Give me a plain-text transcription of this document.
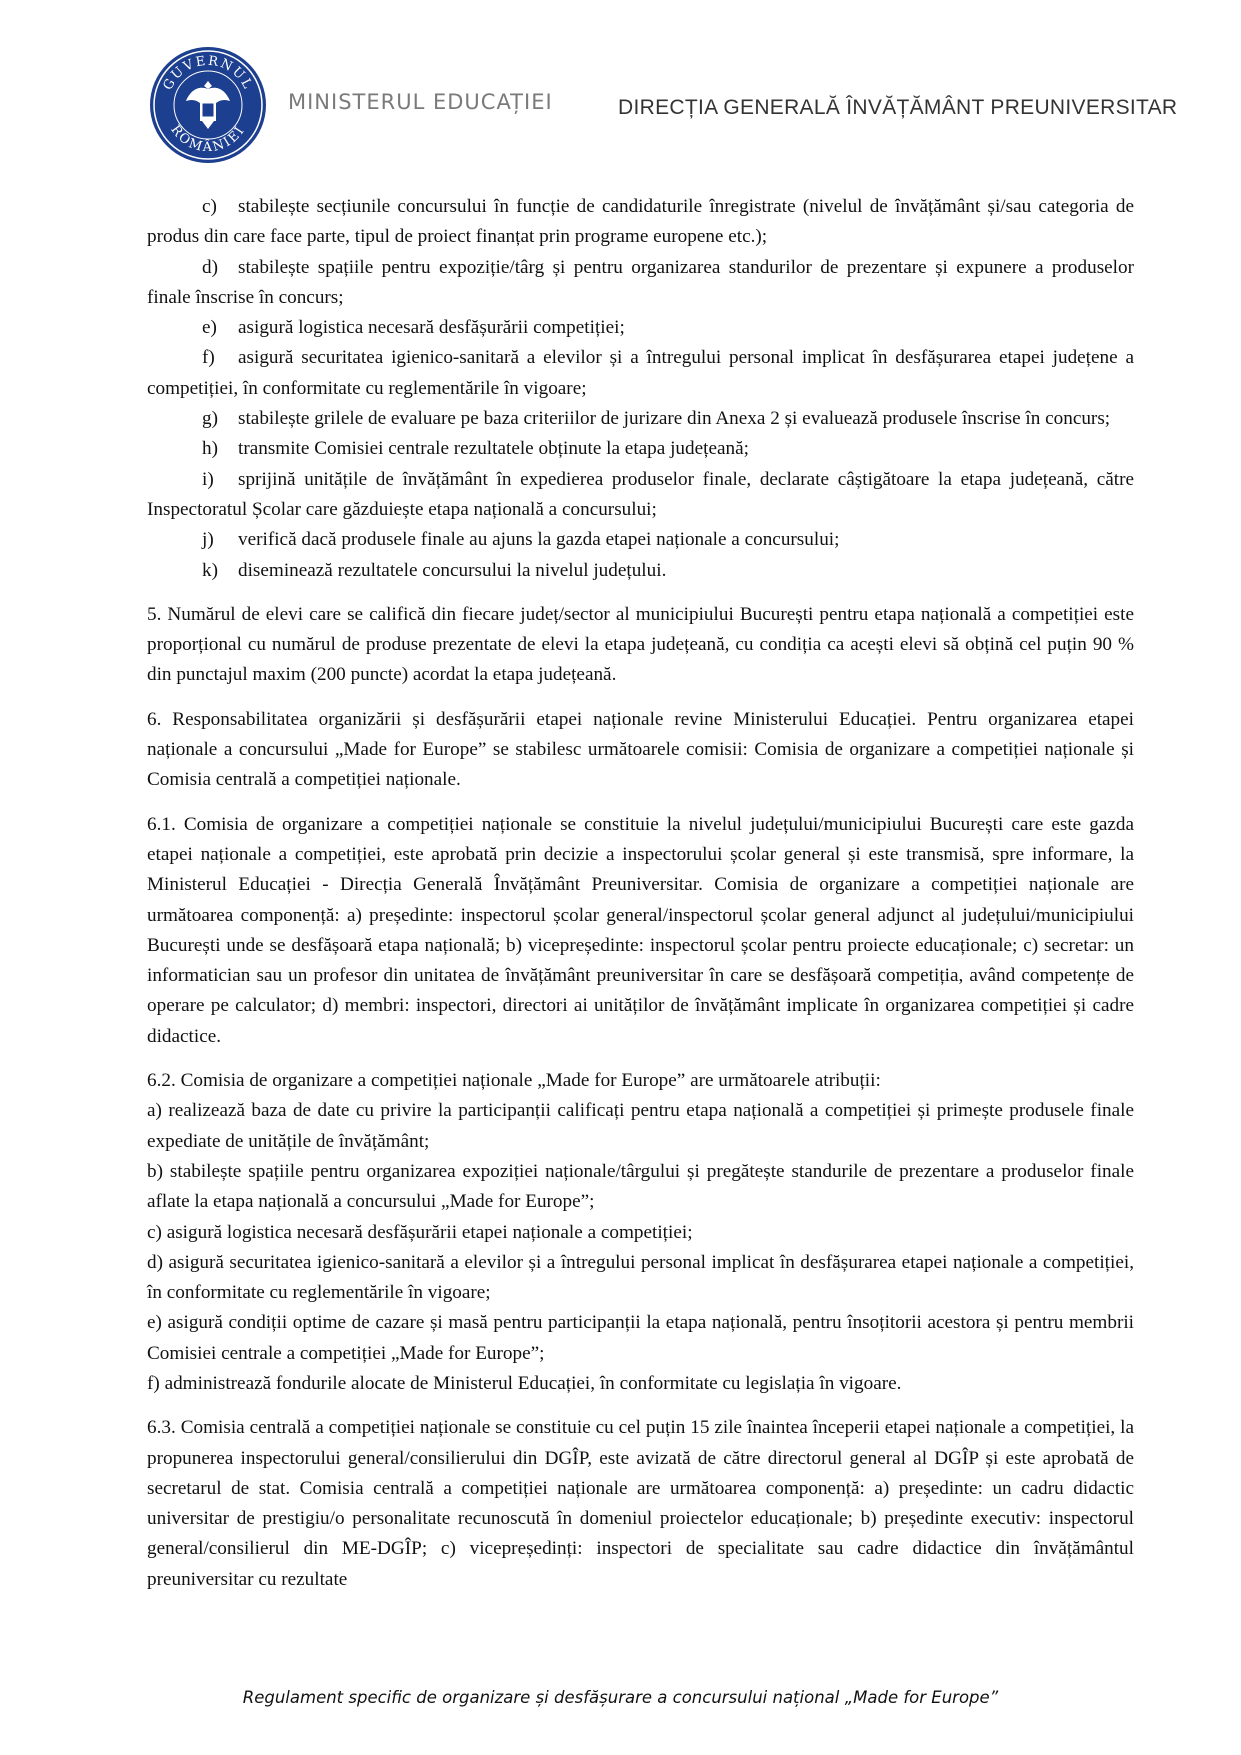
GUVERNUL
ROMÂNIEI
MINISTERUL EDUCAȚIEI	DIRECȚIA GENERALĂ ÎNVĂȚĂMÂNT PREUNIVERSITAR

c) stabilește secțiunile concursului în funcție de candidaturile înregistrate (nivelul de învățământ și/sau categoria de produs din care face parte, tipul de proiect finanțat prin programe europene etc.);

d) stabilește spațiile pentru expoziție/târg și pentru organizarea standurilor de prezentare și expunere a produselor finale înscrise în concurs;

e) asigură logistica necesară desfășurării competiției;

f) asigură securitatea igienico-sanitară a elevilor și a întregului personal implicat în desfășurarea etapei județene a competiției, în conformitate cu reglementările în vigoare;

g) stabilește grilele de evaluare pe baza criteriilor de jurizare din Anexa 2 și evaluează produsele înscrise în concurs;

h) transmite Comisiei centrale rezultatele obținute la etapa județeană;

i) sprijină unitățile de învățământ în expedierea produselor finale, declarate câștigătoare la etapa județeană, către Inspectoratul Școlar care găzduiește etapa națională a concursului;

j) verifică dacă produsele finale au ajuns la gazda etapei naționale a concursului;

k) diseminează rezultatele concursului la nivelul județului.

5. Numărul de elevi care se califică din fiecare județ/sector al municipiului București pentru etapa națională a competiției este proporțional cu numărul de produse prezentate de elevi la etapa județeană, cu condiția ca acești elevi să obțină cel puțin 90 % din punctajul maxim (200 puncte) acordat la etapa județeană.

6. Responsabilitatea organizării și desfășurării etapei naționale revine Ministerului Educației. Pentru organizarea etapei naționale a concursului „Made for Europe” se stabilesc următoarele comisii: Comisia de organizare a competiției naționale și Comisia centrală a competiției naționale.

6.1. Comisia de organizare a competiției naționale se constituie la nivelul județului/municipiului București care este gazda etapei naționale a competiției, este aprobată prin decizie a inspectorului școlar general și este transmisă, spre informare, la Ministerul Educației - Direcția Generală Învățământ Preuniversitar. Comisia de organizare a competiției naționale are următoarea componență: a) președinte: inspectorul școlar general/inspectorul școlar general adjunct al județului/municipiului București unde se desfășoară etapa națională; b) vicepreședinte: inspectorul școlar pentru proiecte educaționale; c) secretar: un informatician sau un profesor din unitatea de învățământ preuniversitar în care se desfășoară competiția, având competențe de operare pe calculator; d) membri: inspectori, directori ai unităților de învățământ implicate în organizarea competiției și cadre didactice.

6.2. Comisia de organizare a competiției naționale „Made for Europe” are următoarele atribuții:

a) realizează baza de date cu privire la participanții calificați pentru etapa națională a competiției și primește produsele finale expediate de unitățile de învățământ;

b) stabilește spațiile pentru organizarea expoziției naționale/târgului și pregătește standurile de prezentare a produselor finale aflate la etapa națională a concursului „Made for Europe”;

c) asigură logistica necesară desfășurării etapei naționale a competiției;

d) asigură securitatea igienico-sanitară a elevilor și a întregului personal implicat în desfășurarea etapei naționale a competiției, în conformitate cu reglementările în vigoare;

e) asigură condiții optime de cazare și masă pentru participanții la etapa națională, pentru însoțitorii acestora și pentru membrii Comisiei centrale a competiției „Made for Europe”;

f) administrează fondurile alocate de Ministerul Educației, în conformitate cu legislația în vigoare.

6.3. Comisia centrală a competiției naționale se constituie cu cel puțin 15 zile înaintea începerii etapei naționale a competiției, la propunerea inspectorului general/consilierului din DGÎP, este avizată de către directorul general al DGÎP și este aprobată de secretarul de stat. Comisia centrală a competiției naționale are următoarea componență: a) președinte: un cadru didactic universitar de prestigiu/o personalitate recunoscută în domeniul proiectelor educaționale; b) președinte executiv: inspectorul general/consilierul din ME-DGÎP; c) vicepreședinți: inspectori de specialitate sau cadre didactice din învățământul preuniversitar cu rezultate

Regulament specific de organizare și desfășurare a concursului național „Made for Europe”
